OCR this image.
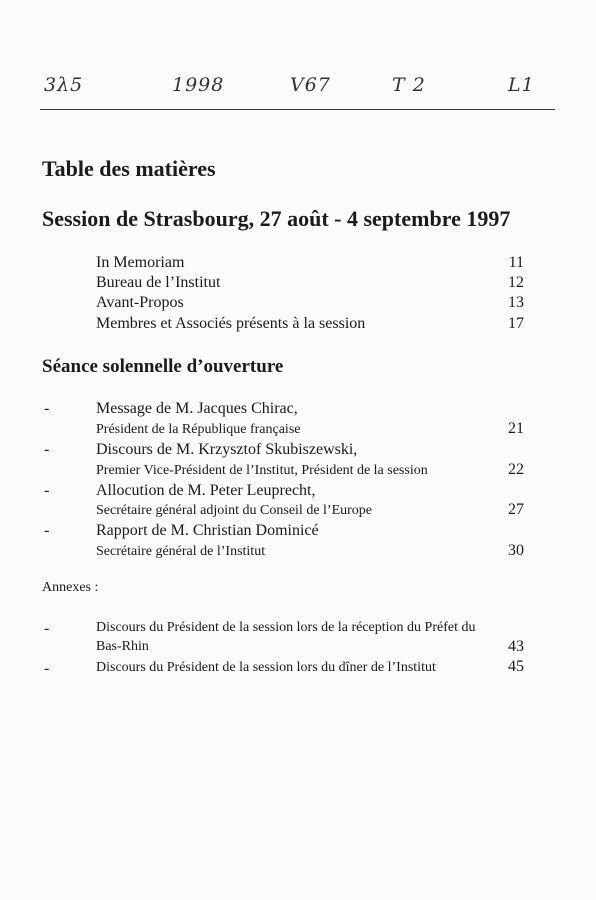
3λ5	1998	V67	T 2	L1
Table des matières
Session de Strasbourg, 27 août - 4 septembre 1997
In Memoriam	11
Bureau de l’Institut	12
Avant-Propos	13
Membres et Associés présents à la session	17
Séance solennelle d’ouverture
-	Message de M. Jacques Chirac,
Président de la République française	21
-	Discours de M. Krzysztof Skubiszewski,
Premier Vice-Président de l’Institut, Président de la session	22
-	Allocution de M. Peter Leuprecht,
Secrétaire général adjoint du Conseil de l’Europe	27
-	Rapport de M. Christian Dominicé
Secrétaire général de l’Institut	30
Annexes :
-	Discours du Président de la session lors de la réception du Préfet du
Bas-Rhin	43
-	Discours du Président de la session lors du dîner de l’Institut	45
